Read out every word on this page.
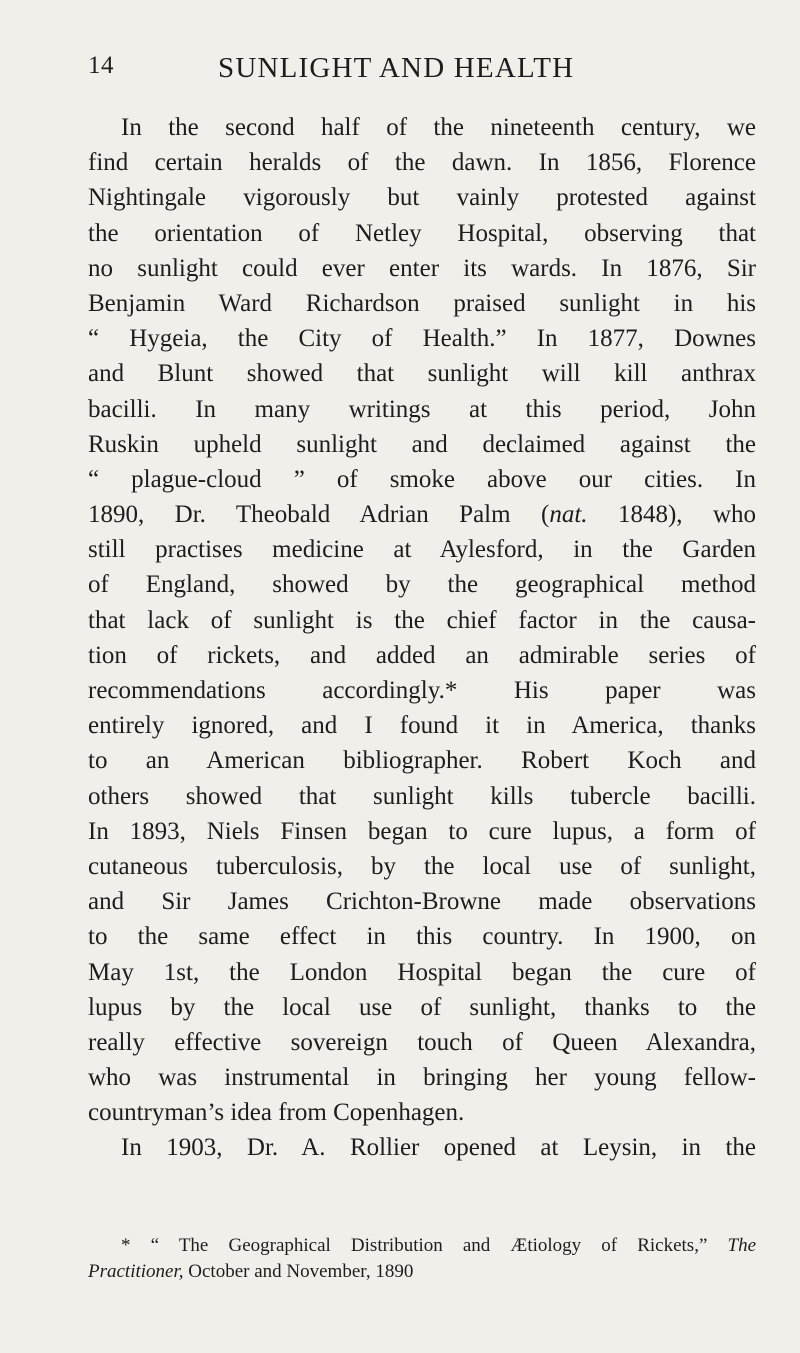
14	SUNLIGHT AND HEALTH
In the second half of the nineteenth century, we
find certain heralds of the dawn. In 1856, Florence
Nightingale vigorously but vainly protested against
the orientation of Netley Hospital, observing that
no sunlight could ever enter its wards. In 1876, Sir
Benjamin Ward Richardson praised sunlight in his
“ Hygeia, the City of Health.” In 1877, Downes
and Blunt showed that sunlight will kill anthrax
bacilli. In many writings at this period, John
Ruskin upheld sunlight and declaimed against the
“ plague-cloud ” of smoke above our cities. In
1890, Dr. Theobald Adrian Palm (nat. 1848), who
still practises medicine at Aylesford, in the Garden
of England, showed by the geographical method
that lack of sunlight is the chief factor in the causa-
tion of rickets, and added an admirable series of
recommendations accordingly.* His paper was
entirely ignored, and I found it in America, thanks
to an American bibliographer. Robert Koch and
others showed that sunlight kills tubercle bacilli.
In 1893, Niels Finsen began to cure lupus, a form of
cutaneous tuberculosis, by the local use of sunlight,
and Sir James Crichton-Browne made observations
to the same effect in this country. In 1900, on
May 1st, the London Hospital began the cure of
lupus by the local use of sunlight, thanks to the
really effective sovereign touch of Queen Alexandra,
who was instrumental in bringing her young fellow-
countryman’s idea from Copenhagen.
In 1903, Dr. A. Rollier opened at Leysin, in the
* “ The Geographical Distribution and Ætiology of Rickets,” The
Practitioner, October and November, 1890
